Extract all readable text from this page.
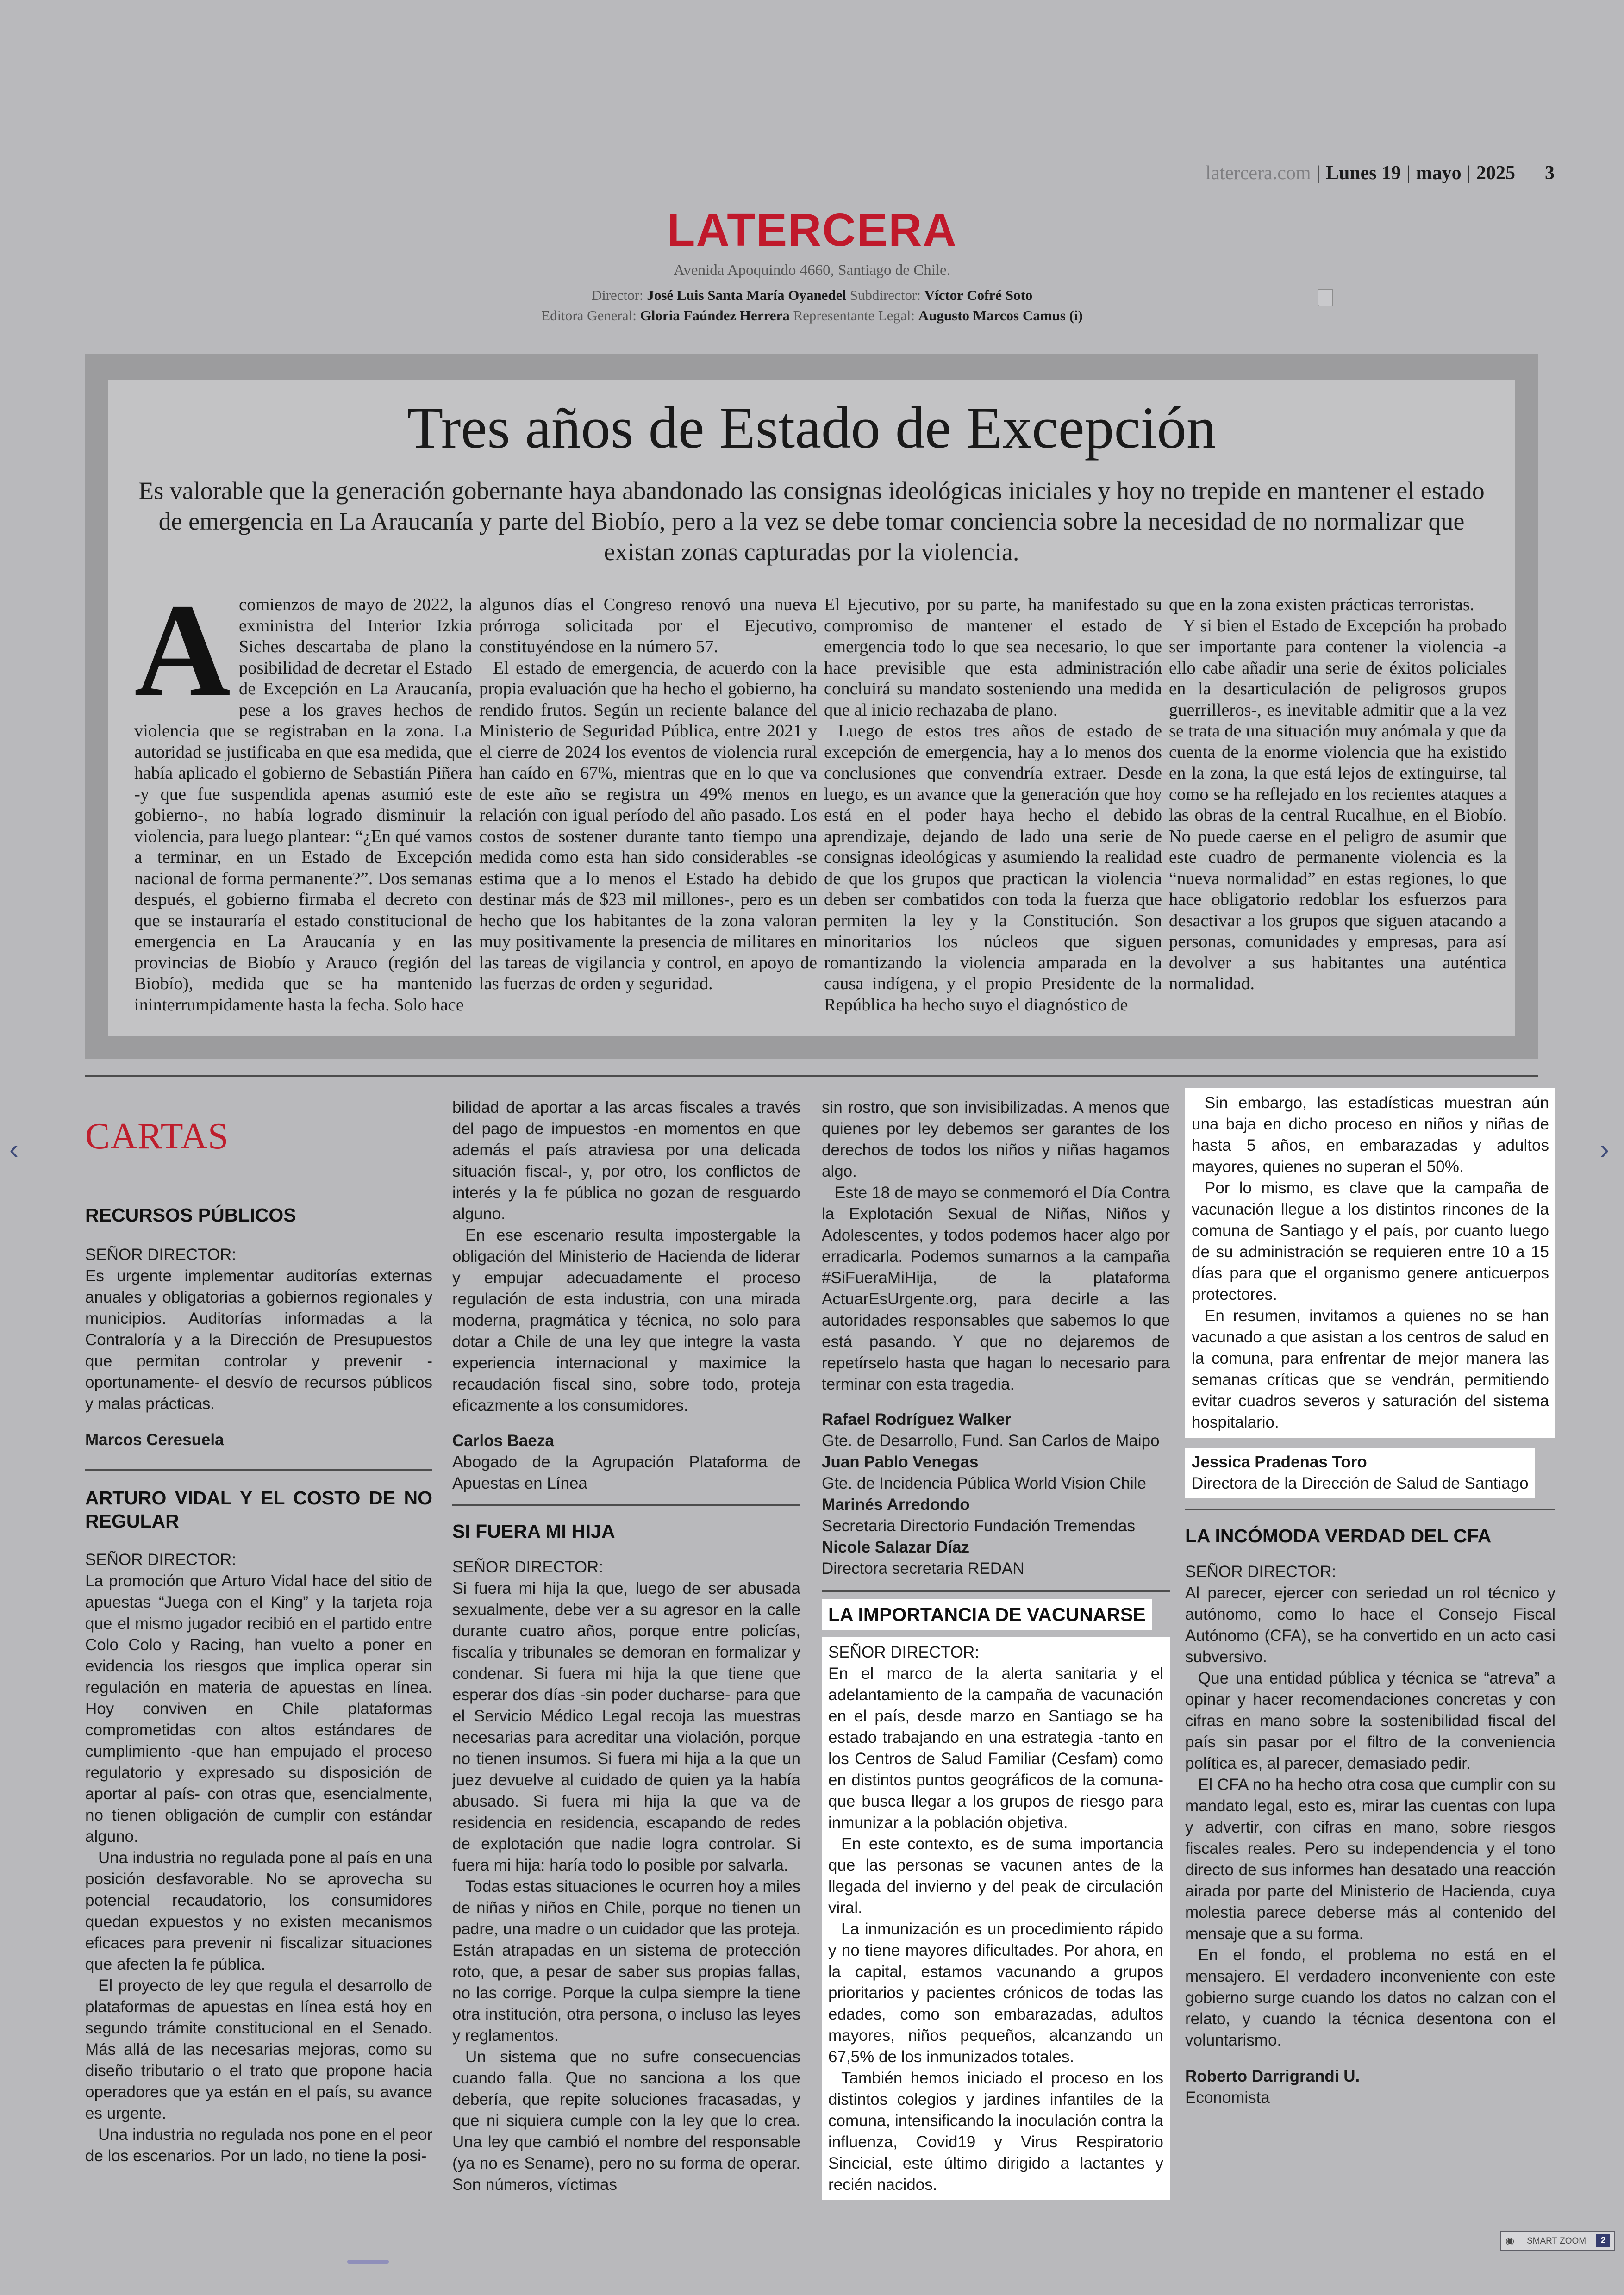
latercera.com | Lunes 19 | mayo | 2025 3
LATERCERA
Avenida Apoquindo 4660, Santiago de Chile.
Director: José Luis Santa María Oyanedel Subdirector: Víctor Cofré Soto
Editora General: Gloria Faúndez Herrera Representante Legal: Augusto Marcos Camus (i)
Tres años de Estado de Excepción
Es valorable que la generación gobernante haya abandonado las consignas ideológicas iniciales y hoy no trepide en mantener el estado de emergencia en La Araucanía y parte del Biobío, pero a la vez se debe tomar conciencia sobre la necesidad de no normalizar que existan zonas capturadas por la violencia.
A comienzos de mayo de 2022, la exministra del Interior Izkia Siches descartaba de plano la posibilidad de decretar el Estado de Excepción en La Araucanía, pese a los graves hechos de violencia que se registraban en la zona. La autoridad se justificaba en que esa medida, que había aplicado el gobierno de Sebastián Piñera -y que fue suspendida apenas asumió este gobierno-, no había logrado disminuir la violencia, para luego plantear: “¿En qué vamos a terminar, en un Estado de Excepción nacional de forma permanente?”. Dos semanas después, el gobierno firmaba el decreto con que se instauraría el estado constitucional de emergencia en La Araucanía y en las provincias de Biobío y Arauco (región del Biobío), medida que se ha mantenido ininterrumpidamente hasta la fecha. Solo hace

algunos días el Congreso renovó una nueva prórroga solicitada por el Ejecutivo, constituyéndose en la número 57.

El estado de emergencia, de acuerdo con la propia evaluación que ha hecho el gobierno, ha rendido frutos. Según un reciente balance del Ministerio de Seguridad Pública, entre 2021 y el cierre de 2024 los eventos de violencia rural han caído en 67%, mientras que en lo que va de este año se registra un 49% menos en relación con igual período del año pasado. Los costos de sostener durante tanto tiempo una medida como esta han sido considerables -se estima que a lo menos el Estado ha debido destinar más de $23 mil millones-, pero es un hecho que los habitantes de la zona valoran muy positivamente la presencia de militares en las tareas de vigilancia y control, en apoyo de las fuerzas de orden y seguridad.

El Ejecutivo, por su parte, ha manifestado su compromiso de mantener el estado de emergencia todo lo que sea necesario, lo que hace previsible que esta administración concluirá su mandato sosteniendo una medida que al inicio rechazaba de plano.

Luego de estos tres años de estado de excepción de emergencia, hay a lo menos dos conclusiones que convendría extraer. Desde luego, es un avance que la generación que hoy está en el poder haya hecho el debido aprendizaje, dejando de lado una serie de consignas ideológicas y asumiendo la realidad de que los grupos que practican la violencia deben ser combatidos con toda la fuerza que permiten la ley y la Constitución. Son minoritarios los núcleos que siguen romantizando la violencia amparada en la causa indígena, y el propio Presidente de la República ha hecho suyo el diagnóstico de

que en la zona existen prácticas terroristas.

Y si bien el Estado de Excepción ha probado ser importante para contener la violencia -a ello cabe añadir una serie de éxitos policiales en la desarticulación de peligrosos grupos guerrilleros-, es inevitable admitir que a la vez se trata de una situación muy anómala y que da cuenta de la enorme violencia que ha existido en la zona, la que está lejos de extinguirse, tal como se ha reflejado en los recientes ataques a las obras de la central Rucalhue, en el Biobío. No puede caerse en el peligro de asumir que este cuadro de permanente violencia es la “nueva normalidad” en estas regiones, lo que hace obligatorio redoblar los esfuerzos para desactivar a los grupos que siguen atacando a personas, comunidades y empresas, para así devolver a sus habitantes una auténtica normalidad.

‹	›
CARTAS

RECURSOS PÚBLICOS

SEÑOR DIRECTOR:

Es urgente implementar auditorías externas anuales y obligatorias a gobiernos regionales y municipios. Auditorías informadas a la Contraloría y a la Dirección de Presupuestos que permitan controlar y prevenir -oportunamente- el desvío de recursos públicos y malas prácticas.

Marcos Ceresuela

ARTURO VIDAL Y EL COSTO DE NO REGULAR

SEÑOR DIRECTOR:

La promoción que Arturo Vidal hace del sitio de apuestas “Juega con el King” y la tarjeta roja que el mismo jugador recibió en el partido entre Colo Colo y Racing, han vuelto a poner en evidencia los riesgos que implica operar sin regulación en materia de apuestas en línea. Hoy conviven en Chile plataformas comprometidas con altos estándares de cumplimiento -que han empujado el proceso regulatorio y expresado su disposición de aportar al país- con otras que, esencialmente, no tienen obligación de cumplir con estándar alguno.

Una industria no regulada pone al país en una posición desfavorable. No se aprovecha su potencial recaudatorio, los consumidores quedan expuestos y no existen mecanismos eficaces para prevenir ni fiscalizar situaciones que afecten la fe pública.

El proyecto de ley que regula el desarrollo de plataformas de apuestas en línea está hoy en segundo trámite constitucional en el Senado. Más allá de las necesarias mejoras, como su diseño tributario o el trato que propone hacia operadores que ya están en el país, su avance es urgente.

Una industria no regulada nos pone en el peor de los escenarios. Por un lado, no tiene la posi-

bilidad de aportar a las arcas fiscales a través del pago de impuestos -en momentos en que además el país atraviesa por una delicada situación fiscal-, y, por otro, los conflictos de interés y la fe pública no gozan de resguardo alguno.

En ese escenario resulta impostergable la obligación del Ministerio de Hacienda de liderar y empujar adecuadamente el proceso regulación de esta industria, con una mirada moderna, pragmática y técnica, no solo para dotar a Chile de una ley que integre la vasta experiencia internacional y maximice la recaudación fiscal sino, sobre todo, proteja eficazmente a los consumidores.

Carlos Baeza

Abogado de la Agrupación Plataforma de Apuestas en Línea

SI FUERA MI HIJA

SEÑOR DIRECTOR:

Si fuera mi hija la que, luego de ser abusada sexualmente, debe ver a su agresor en la calle durante cuatro años, porque entre policías, fiscalía y tribunales se demoran en formalizar y condenar. Si fuera mi hija la que tiene que esperar dos días -sin poder ducharse- para que el Servicio Médico Legal recoja las muestras necesarias para acreditar una violación, porque no tienen insumos. Si fuera mi hija a la que un juez devuelve al cuidado de quien ya la había abusado. Si fuera mi hija la que va de residencia en residencia, escapando de redes de explotación que nadie logra controlar. Si fuera mi hija: haría todo lo posible por salvarla.

Todas estas situaciones le ocurren hoy a miles de niñas y niños en Chile, porque no tienen un padre, una madre o un cuidador que las proteja. Están atrapadas en un sistema de protección roto, que, a pesar de saber sus propias fallas, no las corrige. Porque la culpa siempre la tiene otra institución, otra persona, o incluso las leyes y reglamentos.

Un sistema que no sufre consecuencias cuando falla. Que no sanciona a los que debería, que repite soluciones fracasadas, y que ni siquiera cumple con la ley que lo crea. Una ley que cambió el nombre del responsable (ya no es Sename), pero no su forma de operar. Son números, víctimas

sin rostro, que son invisibilizadas. A menos que quienes por ley debemos ser garantes de los derechos de todos los niños y niñas hagamos algo.

Este 18 de mayo se conmemoró el Día Contra la Explotación Sexual de Niñas, Niños y Adolescentes, y todos podemos hacer algo por erradicarla. Podemos sumarnos a la campaña #SiFueraMiHija, de la plataforma ActuarEsUrgente.org, para decirle a las autoridades responsables que sabemos lo que está pasando. Y que no dejaremos de repetírselo hasta que hagan lo necesario para terminar con esta tragedia.

Rafael Rodríguez Walker

Gte. de Desarrollo, Fund. San Carlos de Maipo

Juan Pablo Venegas

Gte. de Incidencia Pública World Vision Chile

Marinés Arredondo

Secretaria Directorio Fundación Tremendas

Nicole Salazar Díaz

Directora secretaria REDAN

LA IMPORTANCIA DE VACUNARSE

SEÑOR DIRECTOR:

En el marco de la alerta sanitaria y el adelantamiento de la campaña de vacunación en el país, desde marzo en Santiago se ha estado trabajando en una estrategia -tanto en los Centros de Salud Familiar (Cesfam) como en distintos puntos geográficos de la comuna- que busca llegar a los grupos de riesgo para inmunizar a la población objetiva.

En este contexto, es de suma importancia que las personas se vacunen antes de la llegada del invierno y del peak de circulación viral.

La inmunización es un procedimiento rápido y no tiene mayores dificultades. Por ahora, en la capital, estamos vacunando a grupos prioritarios y pacientes crónicos de todas las edades, como son embarazadas, adultos mayores, niños pequeños, alcanzando un 67,5% de los inmunizados totales.

También hemos iniciado el proceso en los distintos colegios y jardines infantiles de la comuna, intensificando la inoculación contra la influenza, Covid19 y Virus Respiratorio Sincicial, este último dirigido a lactantes y recién nacidos.

Sin embargo, las estadísticas muestran aún una baja en dicho proceso en niños y niñas de hasta 5 años, en embarazadas y adultos mayores, quienes no superan el 50%.

Por lo mismo, es clave que la campaña de vacunación llegue a los distintos rincones de la comuna de Santiago y el país, por cuanto luego de su administración se requieren entre 10 a 15 días para que el organismo genere anticuerpos protectores.

En resumen, invitamos a quienes no se han vacunado a que asistan a los centros de salud en la comuna, para enfrentar de mejor manera las semanas críticas que se vendrán, permitiendo evitar cuadros severos y saturación del sistema hospitalario.

Jessica Pradenas Toro

Directora de la Dirección de Salud de Santiago

LA INCÓMODA VERDAD DEL CFA

SEÑOR DIRECTOR:

Al parecer, ejercer con seriedad un rol técnico y autónomo, como lo hace el Consejo Fiscal Autónomo (CFA), se ha convertido en un acto casi subversivo.

Que una entidad pública y técnica se “atreva” a opinar y hacer recomendaciones concretas y con cifras en mano sobre la sostenibilidad fiscal del país sin pasar por el filtro de la conveniencia política es, al parecer, demasiado pedir.

El CFA no ha hecho otra cosa que cumplir con su mandato legal, esto es, mirar las cuentas con lupa y advertir, con cifras en mano, sobre riesgos fiscales reales. Pero su independencia y el tono directo de sus informes han desatado una reacción airada por parte del Ministerio de Hacienda, cuya molestia parece deberse más al contenido del mensaje que a su forma.

En el fondo, el problema no está en el mensajero. El verdadero inconveniente con este gobierno surge cuando los datos no calzan con el relato, y cuando la técnica desentona con el voluntarismo.

Roberto Darrigrandi U.

Economista

◉ SMART ZOOM	2
